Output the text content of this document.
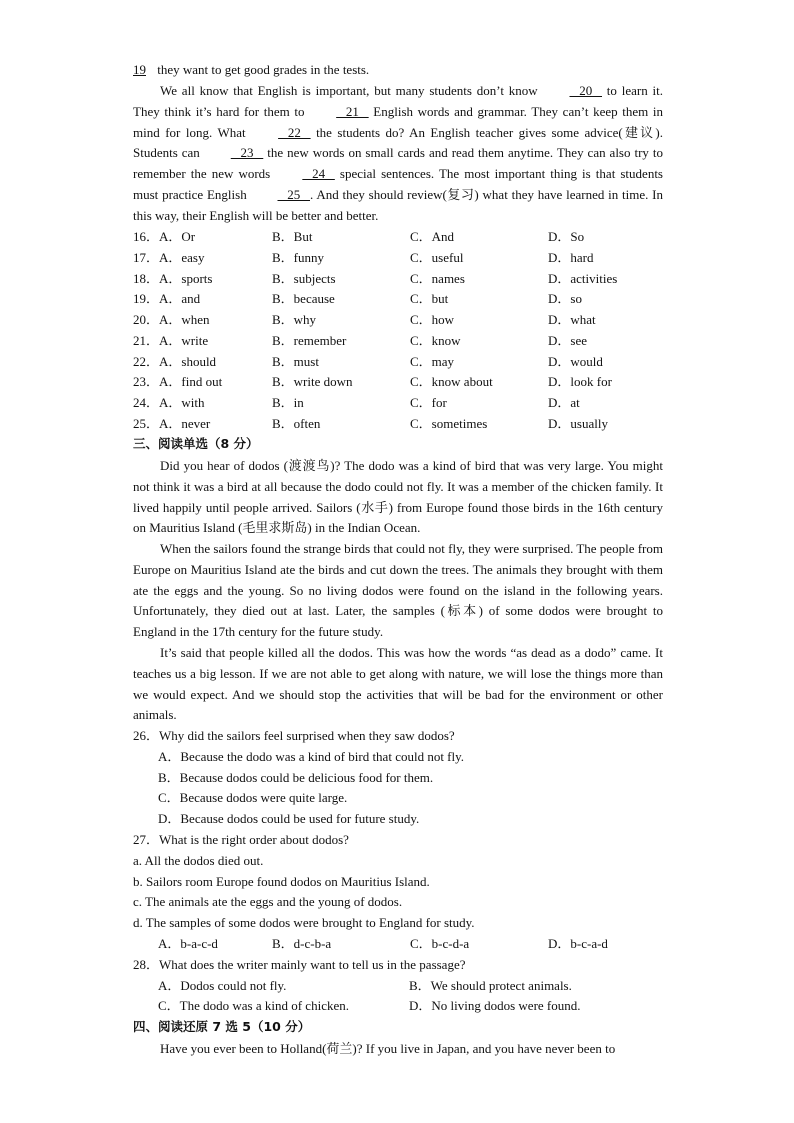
19 they want to get good grades in the tests.
We all know that English is important, but many students don’t know    20    to learn it. They think it’s hard for them to    21    English words and grammar. They can’t keep them in mind for long. What    22    the students do? An English teacher gives some advice(建议). Students can    23    the new words on small cards and read them anytime. They can also try to remember the new words    24    special sentences. The most important thing is that students must practice English    25   . And they should review(复习) what they have learned in time. In this way, their English will be better and better.
16．A．Or	B．But	C．And	D．So
17．A．easy	B．funny	C．useful	D．hard
18．A．sports	B．subjects	C．names	D．activities
19．A．and	B．because	C．but	D．so
20．A．when	B．why	C．how	D．what
21．A．write	B．remember	C．know	D．see
22．A．should	B．must	C．may	D．would
23．A．find out	B．write down	C．know about	D．look for
24．A．with	B．in	C．for	D．at
25．A．never	B．often	C．sometimes	D．usually
三、阅读单选（8 分）
Did you hear of dodos (渡渡鸟)? The dodo was a kind of bird that was very large. You might not think it was a bird at all because the dodo could not fly. It was a member of the chicken family. It lived happily until people arrived. Sailors (水手) from Europe found those birds in the 16th century on Mauritius Island (毛里求斯岛) in the Indian Ocean.
When the sailors found the strange birds that could not fly, they were surprised. The people from Europe on Mauritius Island ate the birds and cut down the trees. The animals they brought with them ate the eggs and the young. So no living dodos were found on the island in the following years. Unfortunately, they died out at last. Later, the samples (标本) of some dodos were brought to England in the 17th century for the future study.
It’s said that people killed all the dodos. This was how the words “as dead as a dodo” came. It teaches us a big lesson. If we are not able to get along with nature, we will lose the things more than we would expect. And we should stop the activities that will be bad for the environment or other animals.
26．Why did the sailors feel surprised when they saw dodos?
A．Because the dodo was a kind of bird that could not fly.
B．Because dodos could be delicious food for them.
C．Because dodos were quite large.
D．Because dodos could be used for future study.
27．What is the right order about dodos?
a. All the dodos died out.
b. Sailors room Europe found dodos on Mauritius Island.
c. The animals ate the eggs and the young of dodos.
d. The samples of some dodos were brought to England for study.
A．b-a-c-d	B．d-c-b-a	C．b-c-d-a	D．b-c-a-d
28．What does the writer mainly want to tell us in the passage?
A．Dodos could not fly.	B．We should protect animals.
C．The dodo was a kind of chicken.	D．No living dodos were found.
四、阅读还原 7 选 5（10 分）
Have you ever been to Holland(荷兰)? If you live in Japan, and you have never been to
